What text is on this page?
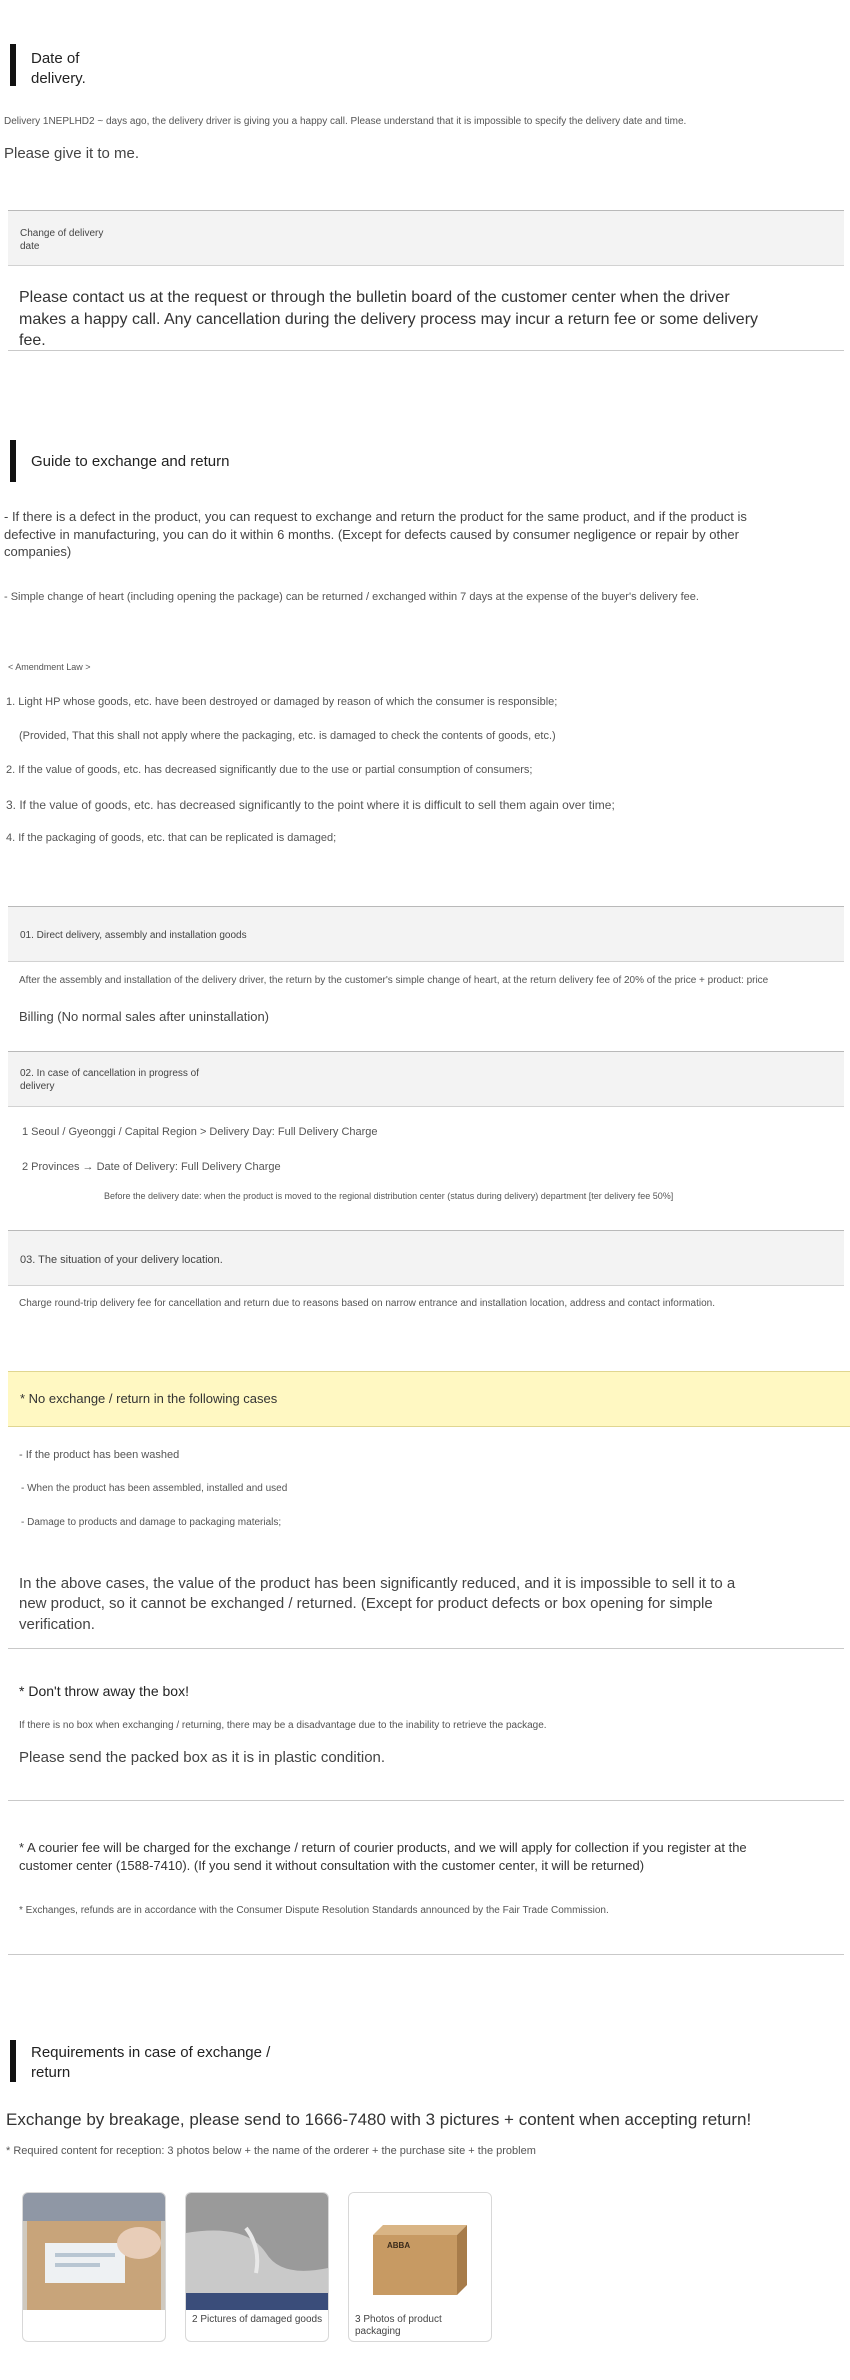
Date of
delivery.
Delivery 1NEPLHD2 ~ days ago, the delivery driver is giving you a happy call. Please understand that it is impossible to specify the delivery date and time.
Please give it to me.
Change of delivery
date
Please contact us at the request or through the bulletin board of the customer center when the driver makes a happy call. Any cancellation during the delivery process may incur a return fee or some delivery fee.
Guide to exchange and return
- If there is a defect in the product, you can request to exchange and return the product for the same product, and if the product is defective in manufacturing, you can do it within 6 months. (Except for defects caused by consumer negligence or repair by other companies)
- Simple change of heart (including opening the package) can be returned / exchanged within 7 days at the expense of the buyer's delivery fee.
< Amendment Law >
1. Light HP whose goods, etc. have been destroyed or damaged by reason of which the consumer is responsible;
(Provided, That this shall not apply where the packaging, etc. is damaged to check the contents of goods, etc.)
2. If the value of goods, etc. has decreased significantly due to the use or partial consumption of consumers;
3. If the value of goods, etc. has decreased significantly to the point where it is difficult to sell them again over time;
4. If the packaging of goods, etc. that can be replicated is damaged;
01. Direct delivery, assembly and installation goods
After the assembly and installation of the delivery driver, the return by the customer's simple change of heart, at the return delivery fee of 20% of the price + product: price
Billing (No normal sales after uninstallation)
02. In case of cancellation in progress of
delivery
1 Seoul / Gyeonggi / Capital Region > Delivery Day: Full Delivery Charge
2 Provinces → Date of Delivery: Full Delivery Charge
Before the delivery date: when the product is moved to the regional distribution center (status during delivery) department [ter delivery fee 50%]
03. The situation of your delivery location.
Charge round-trip delivery fee for cancellation and return due to reasons based on narrow entrance and installation location, address and contact information.
* No exchange / return in the following cases
- If the product has been washed
- When the product has been assembled, installed and used
- Damage to products and damage to packaging materials;
In the above cases, the value of the product has been significantly reduced, and it is impossible to sell it to a new product, so it cannot be exchanged / returned. (Except for product defects or box opening for simple verification.
* Don't throw away the box!
If there is no box when exchanging / returning, there may be a disadvantage due to the inability to retrieve the package.
Please send the packed box as it is in plastic condition.
* A courier fee will be charged for the exchange / return of courier products, and we will apply for collection if you register at the customer center (1588-7410). (If you send it without consultation with the customer center, it will be returned)
* Exchanges, refunds are in accordance with the Consumer Dispute Resolution Standards announced by the Fair Trade Commission.
Requirements in case of exchange /
return
Exchange by breakage, please send to 1666-7480 with 3 pictures + content when accepting return!
* Required content for reception: 3 photos below + the name of the orderer + the purchase site + the problem
2 Pictures of damaged goods
ABBA
3 Photos of product packaging
